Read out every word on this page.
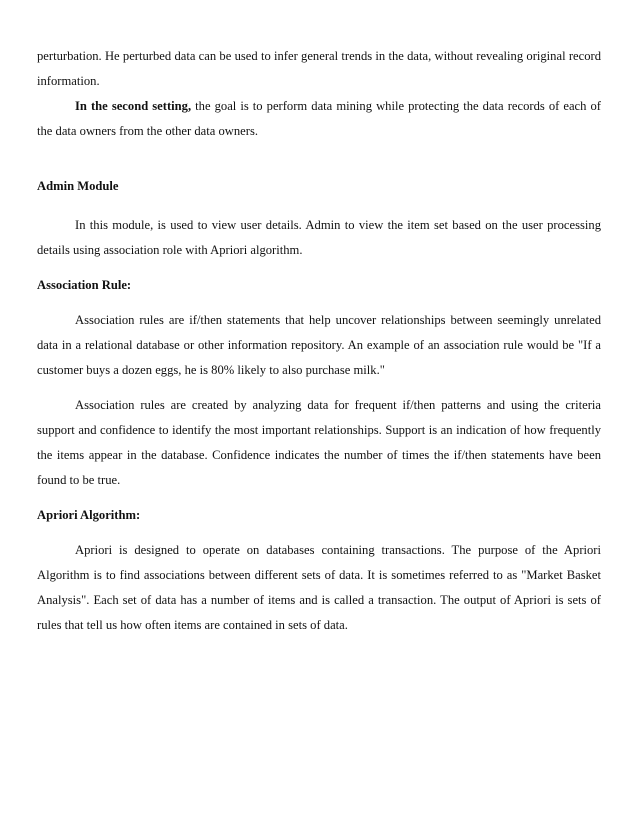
perturbation. He perturbed data can be used to infer general trends in the data, without revealing original record information.

In the second setting, the goal is to perform data mining while protecting the data records of each of the data owners from the other data owners.

Admin Module

In this module, is used to view user details. Admin to view the item set based on the user processing details using association role with Apriori algorithm.

Association Rule:

Association rules are if/then statements that help uncover relationships between seemingly unrelated data in a relational database or other information repository. An example of an association rule would be "If a customer buys a dozen eggs, he is 80% likely to also purchase milk."

Association rules are created by analyzing data for frequent if/then patterns and using the criteria support and confidence to identify the most important relationships. Support is an indication of how frequently the items appear in the database. Confidence indicates the number of times the if/then statements have been found to be true.

Apriori Algorithm:

Apriori is designed to operate on databases containing transactions. The purpose of the Apriori Algorithm is to find associations between different sets of data. It is sometimes referred to as "Market Basket Analysis". Each set of data has a number of items and is called a transaction. The output of Apriori is sets of rules that tell us how often items are contained in sets of data.
